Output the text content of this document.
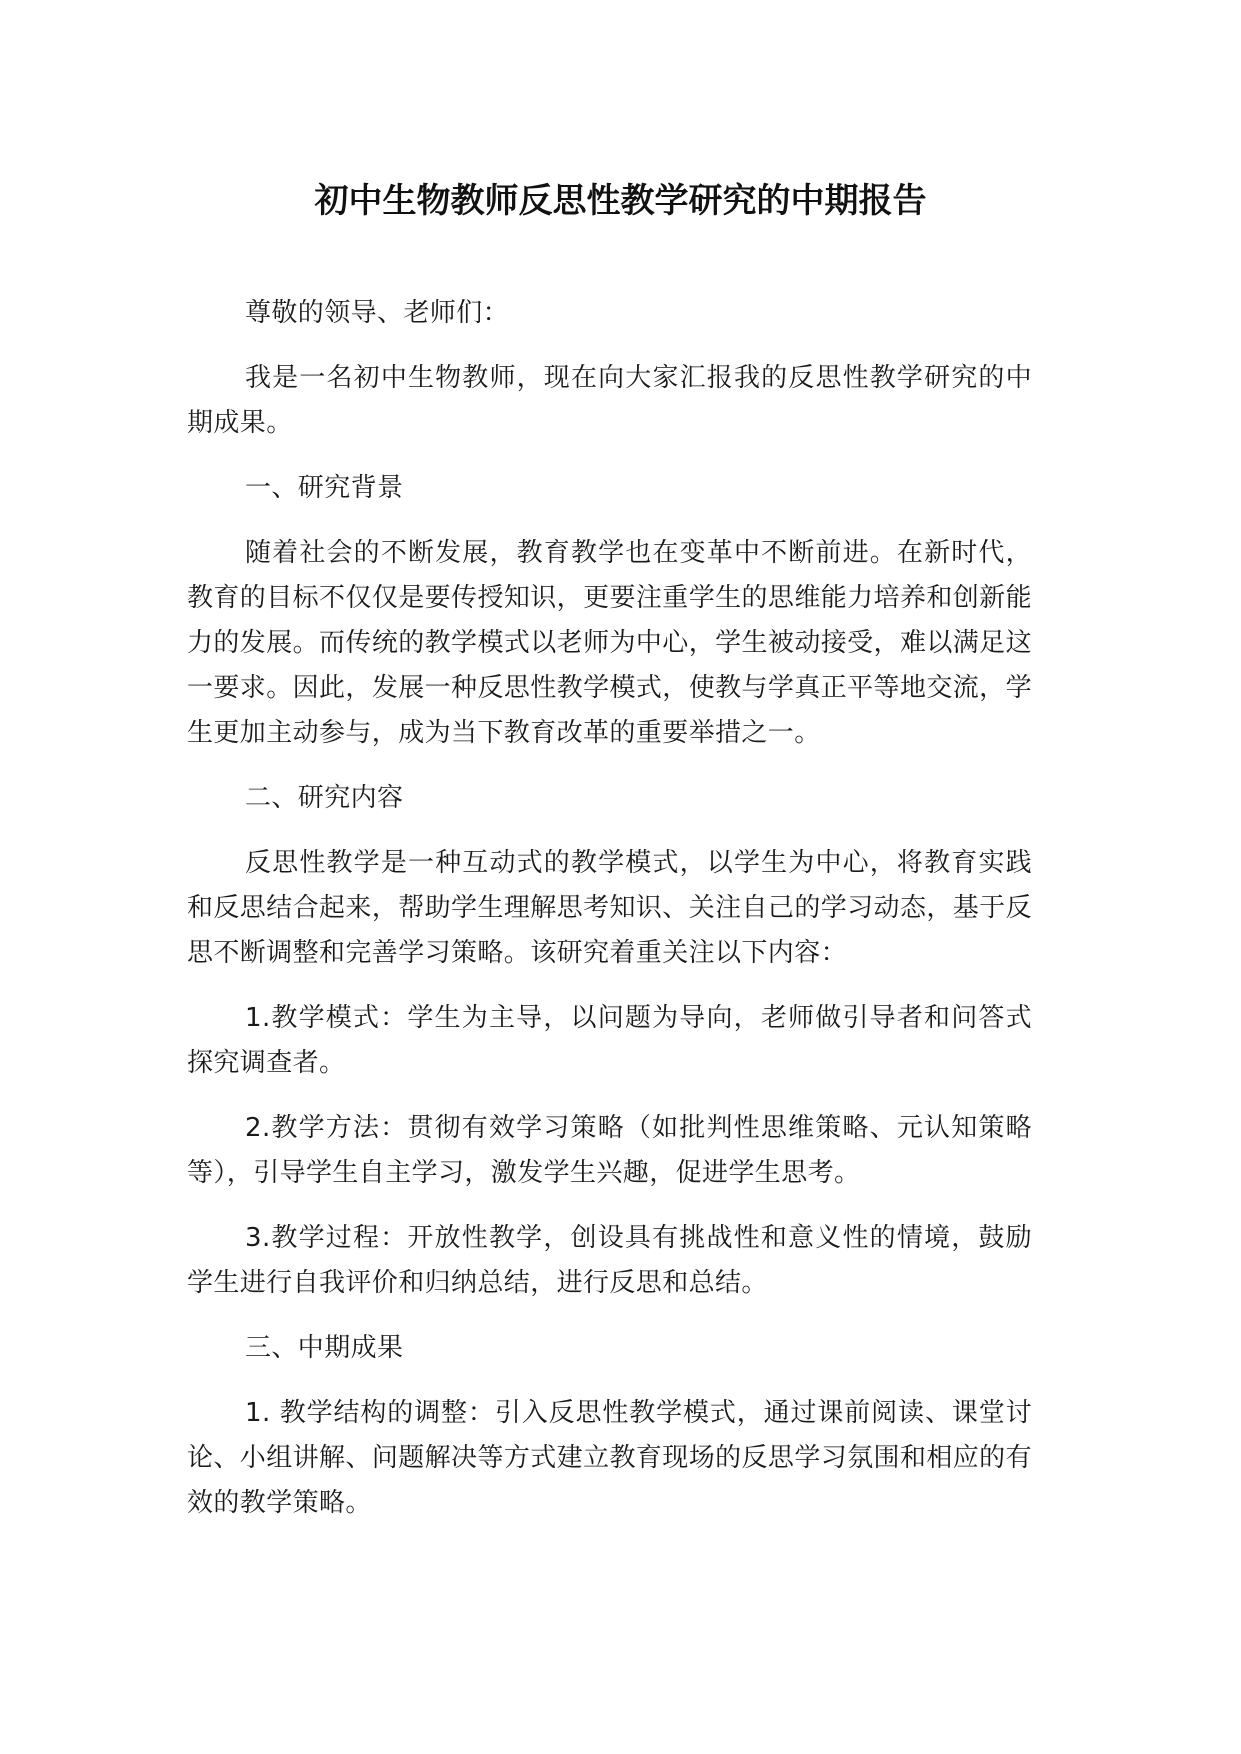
初中生物教师反思性教学研究的中期报告

尊敬的领导、老师们：

我是一名初中生物教师，现在向大家汇报我的反思性教学研究的中期成果。

一、研究背景

随着社会的不断发展，教育教学也在变革中不断前进。在新时代，教育的目标不仅仅是要传授知识，更要注重学生的思维能力培养和创新能力的发展。而传统的教学模式以老师为中心，学生被动接受，难以满足这一要求。因此，发展一种反思性教学模式，使教与学真正平等地交流，学生更加主动参与，成为当下教育改革的重要举措之一。

二、研究内容

反思性教学是一种互动式的教学模式，以学生为中心，将教育实践和反思结合起来，帮助学生理解思考知识、关注自己的学习动态，基于反思不断调整和完善学习策略。该研究着重关注以下内容：

1.教学模式：学生为主导，以问题为导向，老师做引导者和问答式探究调查者。

2.教学方法：贯彻有效学习策略（如批判性思维策略、元认知策略等），引导学生自主学习，激发学生兴趣，促进学生思考。

3.教学过程：开放性教学，创设具有挑战性和意义性的情境，鼓励学生进行自我评价和归纳总结，进行反思和总结。

三、中期成果

1. 教学结构的调整：引入反思性教学模式，通过课前阅读、课堂讨论、小组讲解、问题解决等方式建立教育现场的反思学习氛围和相应的有效的教学策略。
